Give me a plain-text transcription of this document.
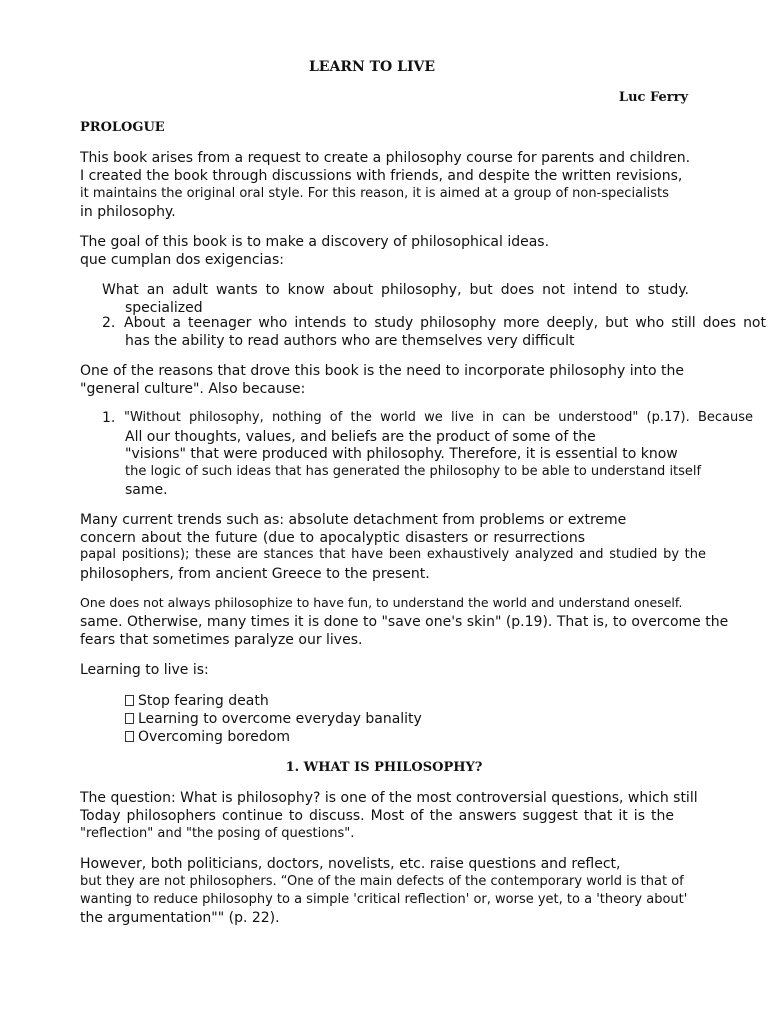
LEARN TO LIVE
Luc Ferry
PROLOGUE
This book arises from a request to create a philosophy course for parents and children.
I created the book through discussions with friends, and despite the written revisions,
it maintains the original oral style. For this reason, it is aimed at a group of non-specialists
in philosophy.
The goal of this book is to make a discovery of philosophical ideas.
que cumplan dos exigencias:
What an adult wants to know about philosophy, but does not intend to study.
specialized
2. About a teenager who intends to study philosophy more deeply, but who still does not
has the ability to read authors who are themselves very difficult
One of the reasons that drove this book is the need to incorporate philosophy into the
"general culture". Also because:
1. "Without philosophy, nothing of the world we live in can be understood" (p.17). Because
All our thoughts, values, and beliefs are the product of some of the
"visions" that were produced with philosophy. Therefore, it is essential to know
the logic of such ideas that has generated the philosophy to be able to understand itself
same.
Many current trends such as: absolute detachment from problems or extreme
concern about the future (due to apocalyptic disasters or resurrections
papal positions); these are stances that have been exhaustively analyzed and studied by the
philosophers, from ancient Greece to the present.
One does not always philosophize to have fun, to understand the world and understand oneself.
same. Otherwise, many times it is done to "save one's skin" (p.19). That is, to overcome the
fears that sometimes paralyze our lives.
Learning to live is:
Stop fearing death
Learning to overcome everyday banality
Overcoming boredom
1. WHAT IS PHILOSOPHY?
The question: What is philosophy? is one of the most controversial questions, which still
Today philosophers continue to discuss. Most of the answers suggest that it is the
"reflection" and "the posing of questions".
However, both politicians, doctors, novelists, etc. raise questions and reflect,
but they are not philosophers. “One of the main defects of the contemporary world is that of
wanting to reduce philosophy to a simple 'critical reflection' or, worse yet, to a 'theory about'
the argumentation"" (p. 22).
